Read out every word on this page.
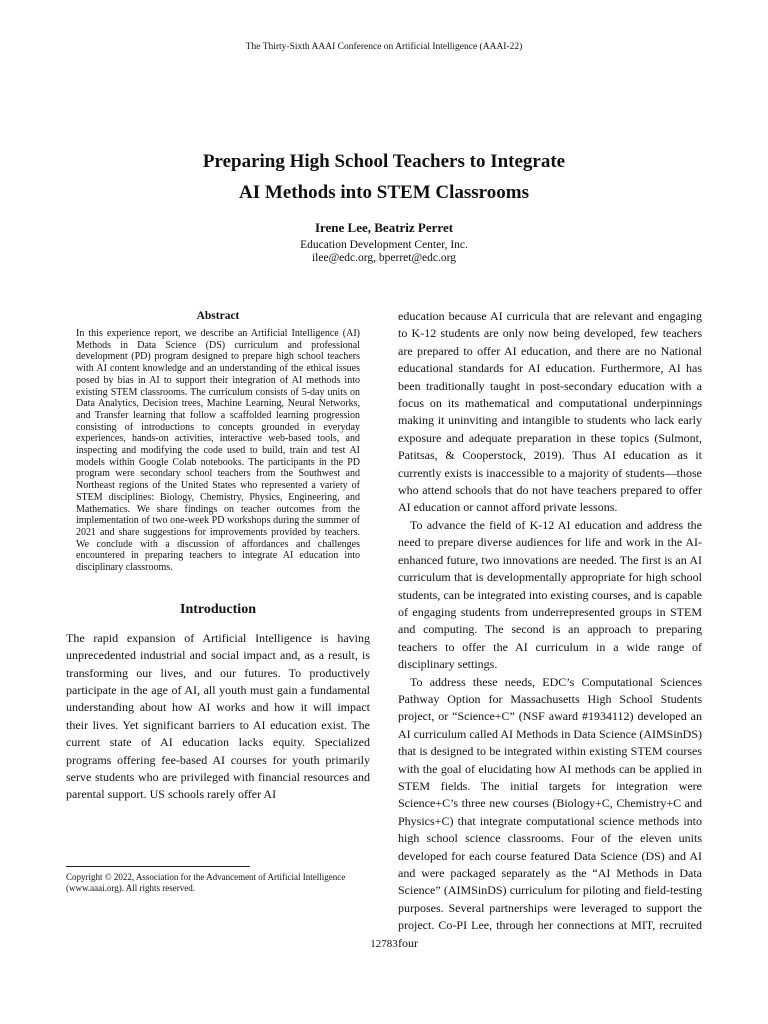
The Thirty-Sixth AAAI Conference on Artificial Intelligence (AAAI-22)
Preparing High School Teachers to Integrate
AI Methods into STEM Classrooms
Irene Lee, Beatriz Perret
Education Development Center, Inc.
ilee@edc.org, bperret@edc.org
Abstract

In this experience report, we describe an Artificial Intelligence (AI) Methods in Data Science (DS) curriculum and professional development (PD) program designed to prepare high school teachers with AI content knowledge and an understanding of the ethical issues posed by bias in AI to support their integration of AI methods into existing STEM classrooms. The curriculum consists of 5-day units on Data Analytics, Decision trees, Machine Learning, Neural Networks, and Transfer learning that follow a scaffolded learning progression consisting of introductions to concepts grounded in everyday experiences, hands-on activities, interactive web-based tools, and inspecting and modifying the code used to build, train and test AI models within Google Colab notebooks. The participants in the PD program were secondary school teachers from the Southwest and Northeast regions of the United States who represented a variety of STEM disciplines: Biology, Chemistry, Physics, Engineering, and Mathematics. We share findings on teacher outcomes from the implementation of two one-week PD workshops during the summer of 2021 and share suggestions for improvements provided by teachers. We conclude with a discussion of affordances and challenges encountered in preparing teachers to integrate AI education into disciplinary classrooms.

Introduction

The rapid expansion of Artificial Intelligence is having unprecedented industrial and social impact and, as a result, is transforming our lives, and our futures. To productively participate in the age of AI, all youth must gain a fundamental understanding about how AI works and how it will impact their lives. Yet significant barriers to AI education exist. The current state of AI education lacks equity. Specialized programs offering fee-based AI courses for youth primarily serve students who are privileged with financial resources and parental support. US schools rarely offer AI

education because AI curricula that are relevant and engaging to K-12 students are only now being developed, few teachers are prepared to offer AI education, and there are no National educational standards for AI education. Furthermore, AI has been traditionally taught in post-secondary education with a focus on its mathematical and computational underpinnings making it uninviting and intangible to students who lack early exposure and adequate preparation in these topics (Sulmont, Patitsas, & Cooperstock, 2019). Thus AI education as it currently exists is inaccessible to a majority of students—those who attend schools that do not have teachers prepared to offer AI education or cannot afford private lessons.

To advance the field of K-12 AI education and address the need to prepare diverse audiences for life and work in the AI-enhanced future, two innovations are needed. The first is an AI curriculum that is developmentally appropriate for high school students, can be integrated into existing courses, and is capable of engaging students from underrepresented groups in STEM and computing. The second is an approach to preparing teachers to offer the AI curriculum in a wide range of disciplinary settings.

To address these needs, EDC’s Computational Sciences Pathway Option for Massachusetts High School Students project, or “Science+C” (NSF award #1934112) developed an AI curriculum called AI Methods in Data Science (AIMSinDS) that is designed to be integrated within existing STEM courses with the goal of elucidating how AI methods can be applied in STEM fields. The initial targets for integration were Science+C’s three new courses (Biology+C, Chemistry+C and Physics+C) that integrate computational science methods into high school science classrooms. Four of the eleven units developed for each course featured Data Science (DS) and AI and were packaged separately as the “AI Methods in Data Science” (AIMSinDS) curriculum for piloting and field-testing purposes. Several partnerships were leveraged to support the project. Co-PI Lee, through her connections at MIT, recruited four

Copyright © 2022, Association for the Advancement of Artificial Intelligence (www.aaai.org). All rights reserved.
12783
